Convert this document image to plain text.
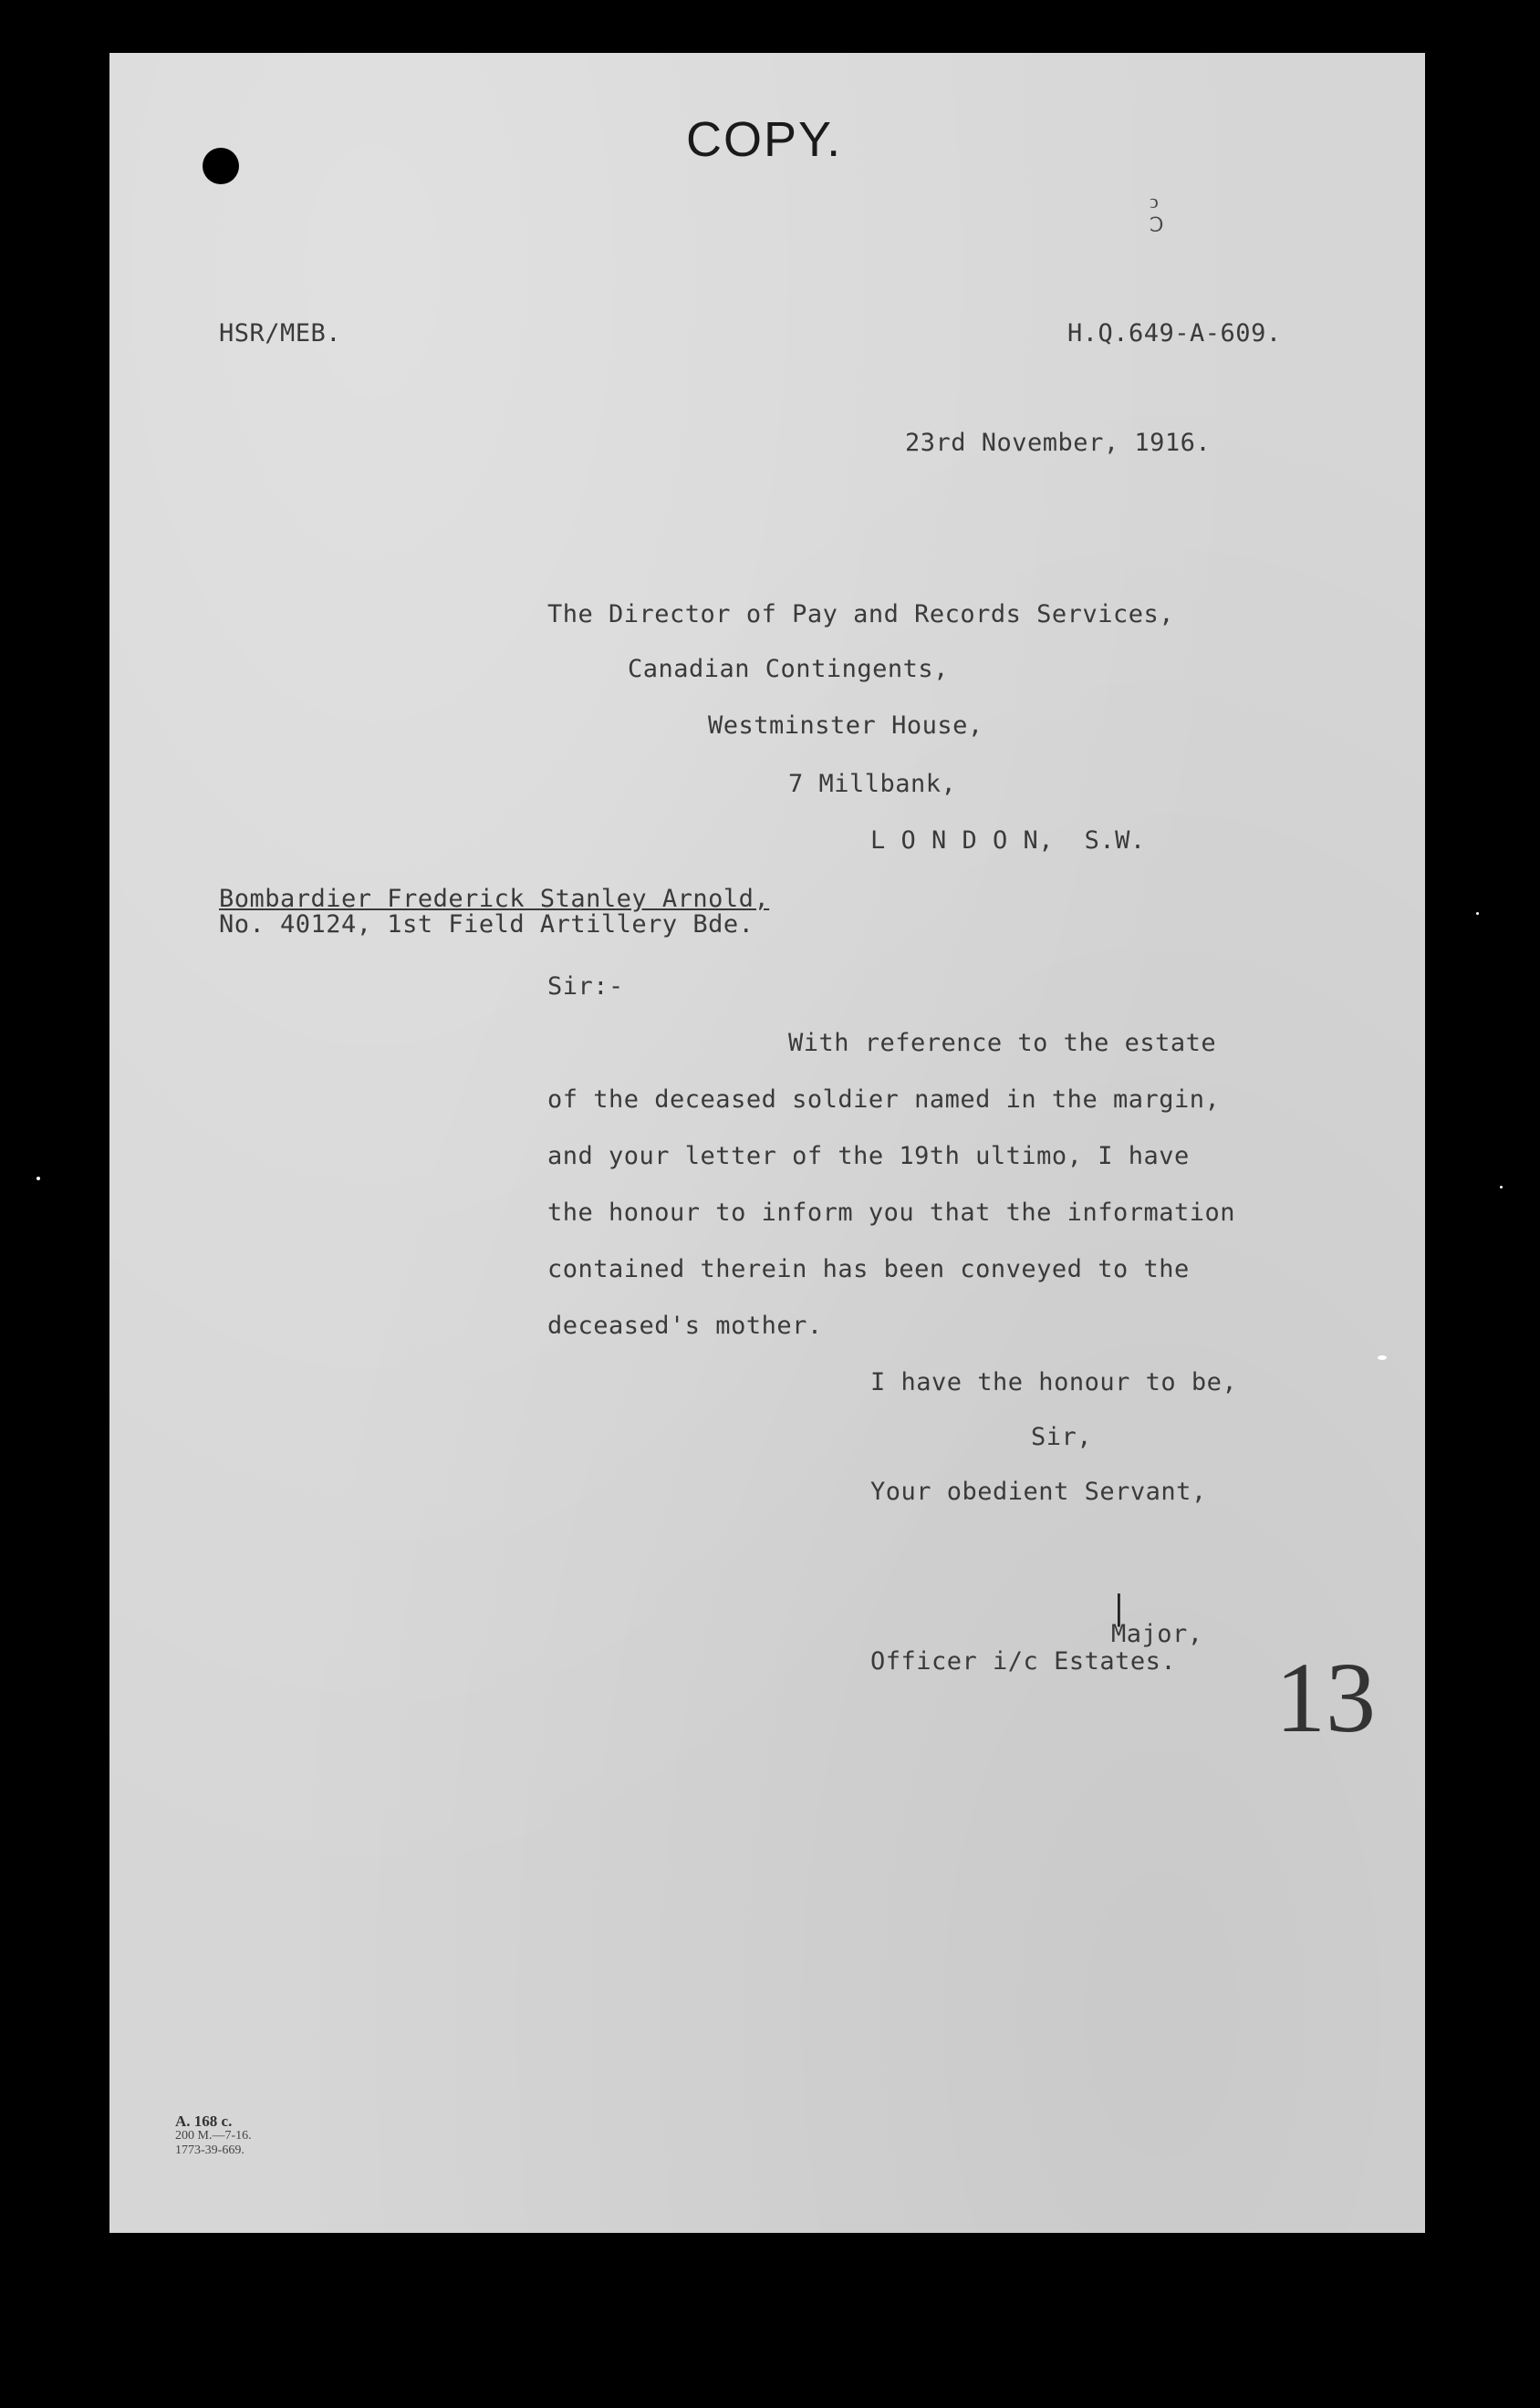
COPY.
ↄ
Ↄ
HSR/MEB.	H.Q.649-A-609.
23rd November, 1916.
The Director of Pay and Records Services,
Canadian Contingents,
Westminster House,
7 Millbank,
L O N D O N,  S.W.
Bombardier Frederick Stanley Arnold,
No. 40124, 1st Field Artillery Bde.
Sir:-
With reference to the estate
of the deceased soldier named in the margin,
and your letter of the 19th ultimo, I have
the honour to inform you that the information
contained therein has been conveyed to the
deceased's mother.
I have the honour to be,
Sir,
Your obedient Servant,
|
Major,
Officer i/c Estates. 13
A. 168 c.
200 M.—7-16.
1773-39-669.
